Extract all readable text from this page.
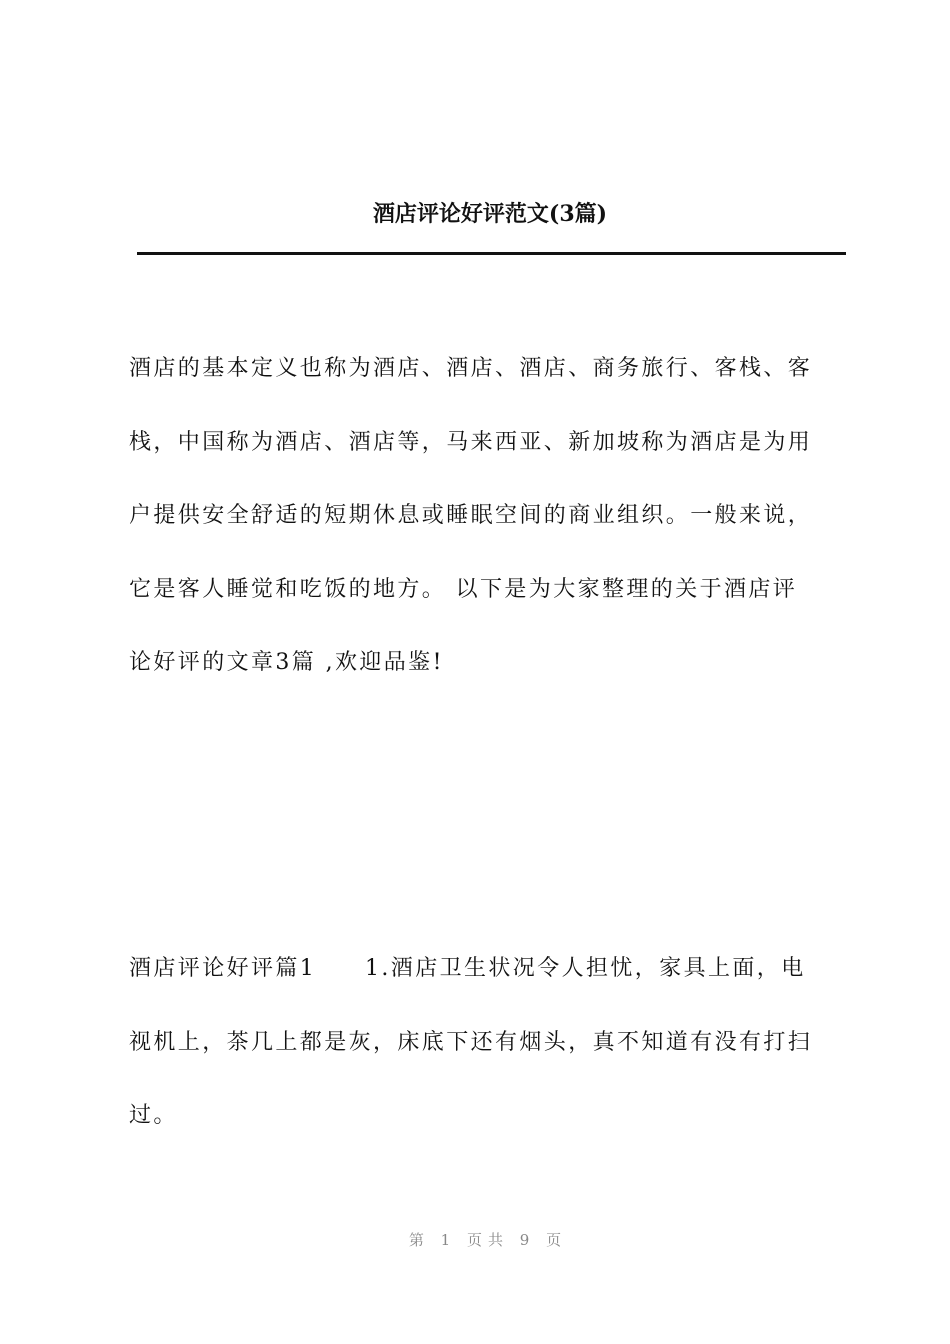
酒店评论好评范文(3篇)
酒店的基本定义也称为酒店、酒店、酒店、商务旅行、客栈、客
栈，中国称为酒店、酒店等，马来西亚、新加坡称为酒店是为用
户提供安全舒适的短期休息或睡眠空间的商业组织。一般来说，
它是客人睡觉和吃饭的地方。 以下是为大家整理的关于酒店评
论好评的文章3篇 ,欢迎品鉴!
酒店评论好评篇1　　1.酒店卫生状况令人担忧，家具上面，电
视机上，茶几上都是灰，床底下还有烟头，真不知道有没有打扫
过。
第 1 页共 9 页
